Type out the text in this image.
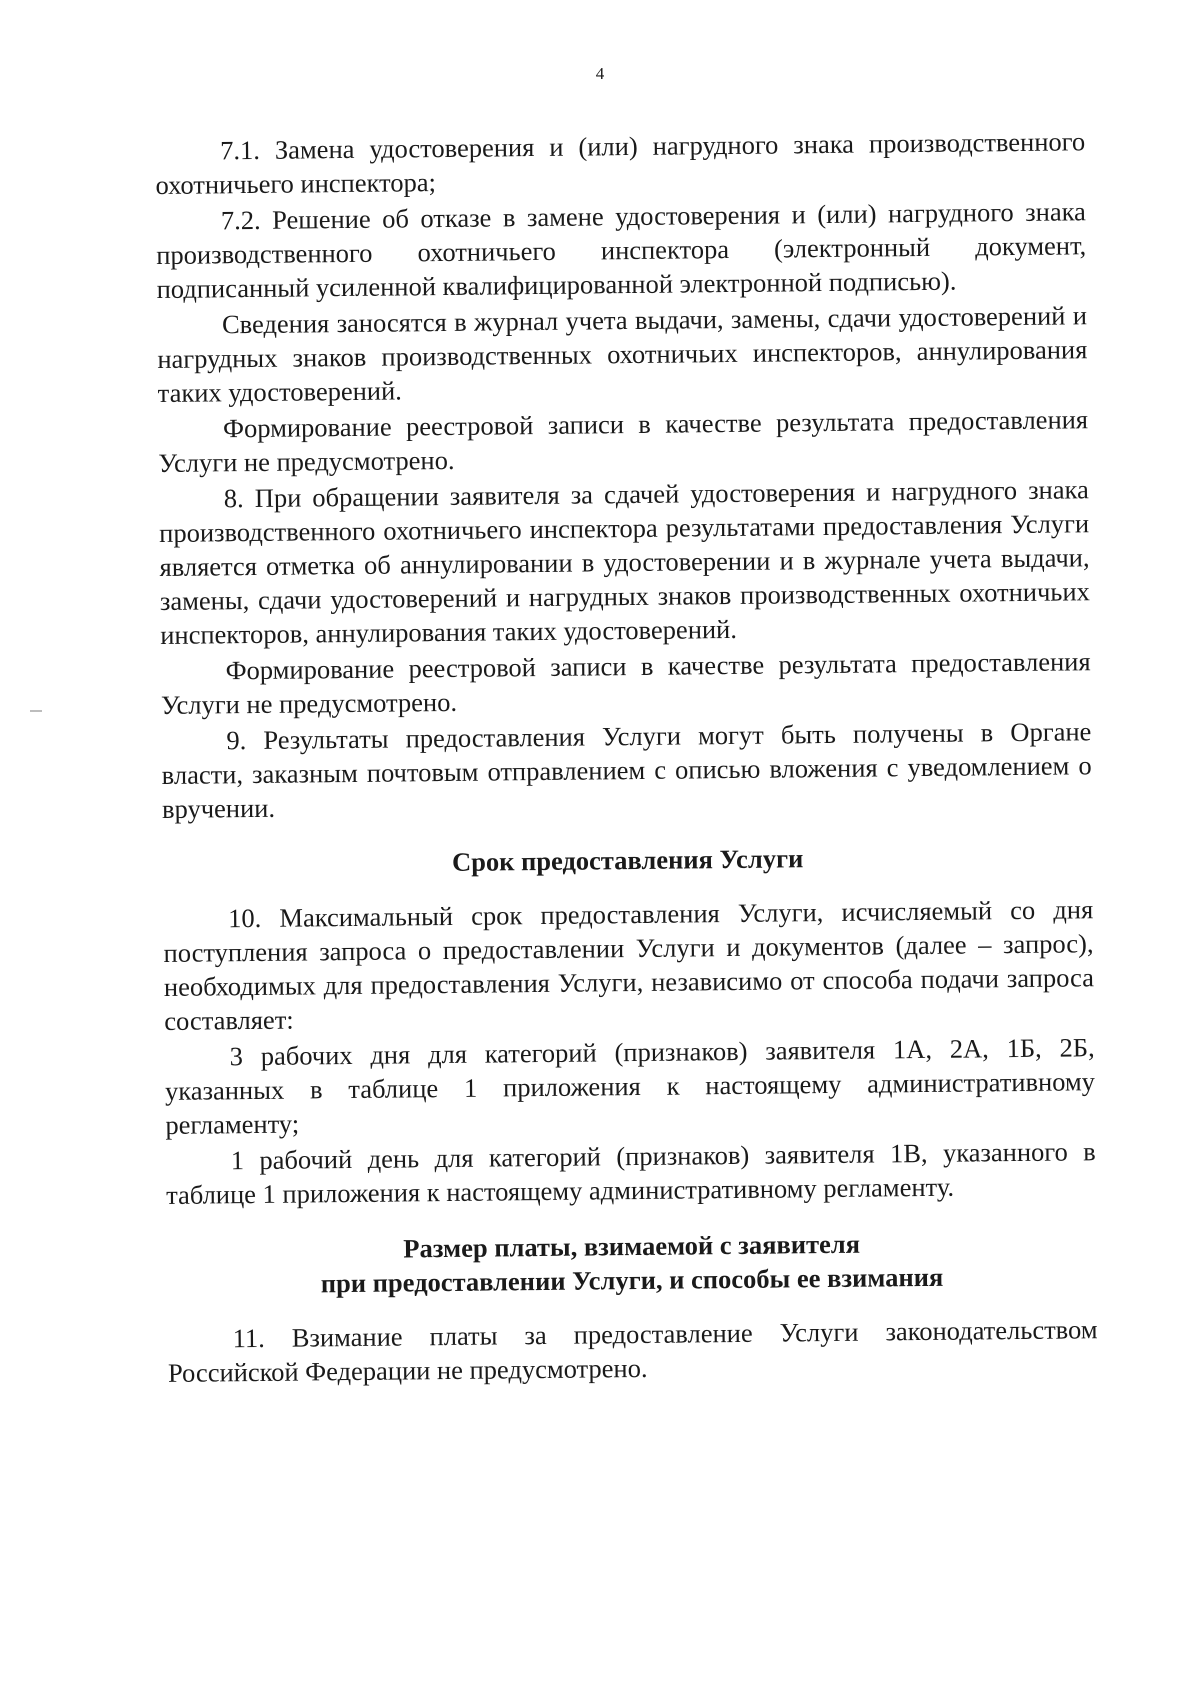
4

7.1. Замена удостоверения и (или) нагрудного знака производственного охотничьего инспектора;

7.2. Решение об отказе в замене удостоверения и (или) нагрудного знака производственного охотничьего инспектора (электронный документ, подписанный усиленной квалифицированной электронной подписью).

Сведения заносятся в журнал учета выдачи, замены, сдачи удостоверений и нагрудных знаков производственных охотничьих инспекторов, аннулирования таких удостоверений.

Формирование реестровой записи в качестве результата предоставления Услуги не предусмотрено.

8. При обращении заявителя за сдачей удостоверения и нагрудного знака производственного охотничьего инспектора результатами предоставления Услуги является отметка об аннулировании в удостоверении и в журнале учета выдачи, замены, сдачи удостоверений и нагрудных знаков производственных охотничьих инспекторов, аннулирования таких удостоверений.

Формирование реестровой записи в качестве результата предоставления Услуги не предусмотрено.

9. Результаты предоставления Услуги могут быть получены в Органе власти, заказным почтовым отправлением с описью вложения с уведомлением о вручении.

Срок предоставления Услуги

10. Максимальный срок предоставления Услуги, исчисляемый со дня поступления запроса о предоставлении Услуги и документов (далее – запрос), необходимых для предоставления Услуги, независимо от способа подачи запроса составляет:

3 рабочих дня для категорий (признаков) заявителя 1А, 2А, 1Б, 2Б, указанных в таблице 1 приложения к настоящему административному регламенту;

1 рабочий день для категорий (признаков) заявителя 1В, указанного в таблице 1 приложения к настоящему административному регламенту.

Размер платы, взимаемой с заявителя

при предоставлении Услуги, и способы ее взимания

11. Взимание платы за предоставление Услуги законодательством Российской Федерации не предусмотрено.
